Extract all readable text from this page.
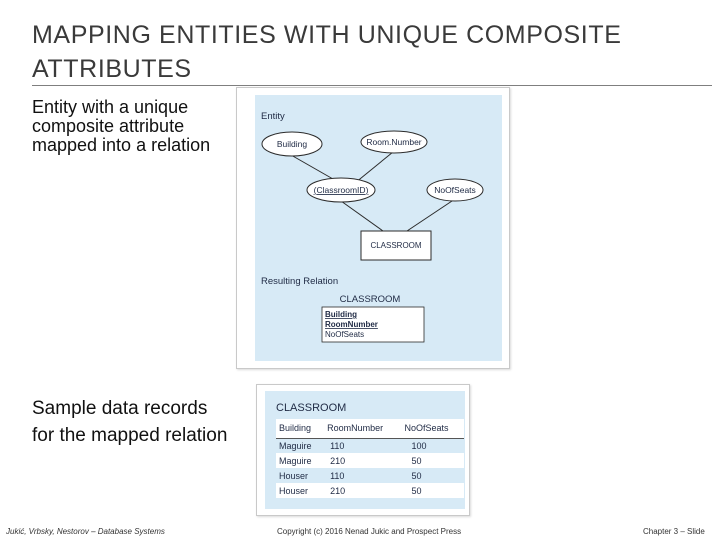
MAPPING ENTITIES WITH UNIQUE COMPOSITE ATTRIBUTES
Entity with a unique composite attribute mapped into a relation
Sample data records for the mapped relation
Entity
Building	Room.Number
(ClassroomID)	NoOfSeats
CLASSROOM
Resulting Relation
CLASSROOM
Building
RoomNumber
NoOfSeats
CLASSROOM
Building	RoomNumber	NoOfSeats
Maguire	110	100
Maguire	210	50
Houser	110	50
Houser	210	50
Jukić, Vrbsky, Nestorov – Database Systems	Copyright (c) 2016 Nenad Jukic and Prospect Press	Chapter 3 – Slide
